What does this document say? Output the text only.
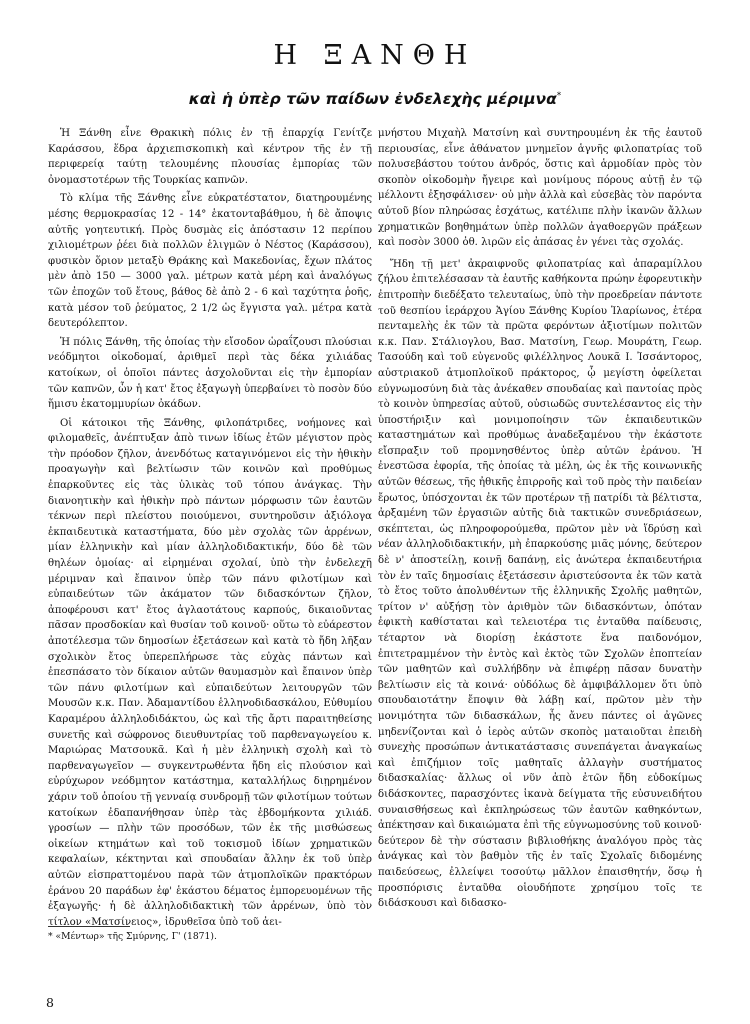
Η ΞΑΝΘΗ
καὶ ἡ ὑπὲρ τῶν παίδων ἐνδελεχὴς μέριμνα*

Ἡ Ξάνθη εἶνε Θρακικὴ πόλις ἐν τῇ ἐπαρχίᾳ Γενίτζε Καράσσου, ἕδρα ἀρχιεπισκοπικὴ καὶ κέντρον τῆς ἐν τῇ περιφερείᾳ ταύτῃ τελουμένης πλουσίας ἐμπορίας τῶν ὀνομαστοτέρων τῆς Τουρκίας καπνῶν.

Τὸ κλίμα τῆς Ξάνθης εἶνε εὐκρατέστατον, διατηρουμένης μέσης θερμοκρασίας 12 - 14° ἑκατονταβάθμου, ἡ δὲ ἄποψις αὐτῆς γοητευτική. Πρὸς δυσμὰς εἰς ἀπόστασιν 12 περίπου χιλιομέτρων ῥέει διὰ πολλῶν ἑλιγμῶν ὁ Νέστος (Καράσσου), φυσικὸν ὅριον μεταξὺ Θράκης καὶ Μακεδονίας, ἔχων πλάτος μὲν ἀπὸ 150 — 3000 γαλ. μέτρων κατὰ μέρη καὶ ἀναλόγως τῶν ἐποχῶν τοῦ ἔτους, βάθος δὲ ἀπὸ 2 - 6 καὶ ταχύτητα ῥοῆς, κατὰ μέσον τοῦ ῥεύματος, 2 1/2 ὡς ἔγγιστα γαλ. μέτρα κατὰ δευτερόλεπτον.

Ἡ πόλις Ξάνθη, τῆς ὁποίας τὴν εἴσοδον ὡραΐζουσι πλούσιαι νεόδμητοι οἰκοδομαί, ἀριθμεῖ περὶ τὰς δέκα χιλιάδας κατοίκων, οἱ ὁποῖοι πάντες ἀσχολοῦνται εἰς τὴν ἐμπορίαν τῶν καπνῶν, ὧν ἡ κατ' ἔτος ἐξαγωγὴ ὑπερβαίνει τὸ ποσὸν δύο ἥμισυ ἑκατομμυρίων ὀκάδων.

Οἱ κάτοικοι τῆς Ξάνθης, φιλοπάτριδες, νοήμονες καὶ φιλομαθεῖς, ἀνέπτυξαν ἀπὸ τινων ἰδίως ἐτῶν μέγιστον πρὸς τὴν πρόοδον ζῆλον, ἀνενδότως καταγινόμενοι εἰς τὴν ἠθικὴν προαγωγὴν καὶ βελτίωσιν τῶν κοινῶν καὶ προθύμως ἐπαρκοῦντες εἰς τὰς ὑλικὰς τοῦ τόπου ἀνάγκας. Τὴν διανοητικὴν καὶ ἠθικὴν πρὸ πάντων μόρφωσιν τῶν ἑαυτῶν τέκνων περὶ πλείστου ποιούμενοι, συντηροῦσιν ἀξιόλογα ἐκπαιδευτικὰ καταστήματα, δύο μὲν σχολὰς τῶν ἀρρένων, μίαν ἑλληνικὴν καὶ μίαν ἀλληλοδιδακτικήν, δύο δὲ τῶν θηλέων ὁμοίας· αἱ εἰρημέναι σχολαί, ὑπὸ τὴν ἐνδελεχῆ μέριμναν καὶ ἔπαινον ὑπὲρ τῶν πάνυ φιλοτίμων καὶ εὐπαιδεύτων τῶν ἀκάματον τῶν διδασκόντων ζῆλον, ἀποφέρουσι κατ' ἔτος ἀγλαοτάτους καρπούς, δικαιοῦντας πᾶσαν προσδοκίαν καὶ θυσίαν τοῦ κοινοῦ· οὕτω τὸ εὐάρεστον ἀποτέλεσμα τῶν δημοσίων ἐξετάσεων καὶ κατὰ τὸ ἤδη λῆξαν σχολικὸν ἔτος ὑπερεπλήρωσε τὰς εὐχὰς πάντων καὶ ἐπεσπάσατο τὸν δίκαιον αὐτῶν θαυμασμὸν καὶ ἔπαινον ὑπὲρ τῶν πάνυ φιλοτίμων καὶ εὐπαιδεύτων λειτουργῶν τῶν Μουσῶν κ.κ. Παν. Ἀδαμαντίδου ἑλληνοδιδασκάλου, Εὐθυμίου Καραμέρου ἀλληλοδιδάκτου, ὡς καὶ τῆς ἄρτι παραιτηθείσης συνετῆς καὶ σώφρονος διευθυντρίας τοῦ παρθεναγωγείου κ. Μαριώρας Ματσουκᾶ. Καὶ ἡ μὲν ἑλληνικὴ σχολὴ καὶ τὸ παρθεναγωγεῖον — συγκεντρωθέντα ἤδη εἰς πλούσιον καὶ εὐρύχωρον νεόδμητον κατάστημα, καταλλήλως διῃρημένον χάριν τοῦ ὁποίου τῇ γενναίᾳ συνδρομῇ τῶν φιλοτίμων τούτων κατοίκων ἐδαπανήθησαν ὑπὲρ τὰς ἑβδομήκοντα χιλιάδ. γροσίων — πλὴν τῶν προσόδων, τῶν ἐκ τῆς μισθώσεως οἰκείων κτημάτων καὶ τοῦ τοκισμοῦ ἰδίων χρηματικῶν κεφαλαίων, κέκτηνται καὶ σπουδαίαν ἄλλην ἐκ τοῦ ὑπὲρ αὐτῶν εἰσπραττομένου παρὰ τῶν ἀτμοπλοϊκῶν πρακτόρων ἐράνου 20 παράδων ἐφ' ἑκάστου δέματος ἐμπορευομένων τῆς ἐξαγωγῆς· ἡ δὲ ἀλληλοδιδακτικὴ τῶν ἀρρένων, ὑπὸ τὸν τίτλον «Ματσίνειος», ἱδρυθεῖσα ὑπὸ τοῦ ἀει-

μνήστου Μιχαὴλ Ματσίνη καὶ συντηρουμένη ἐκ τῆς ἑαυτοῦ περιουσίας, εἶνε ἀθάνατον μνημεῖον ἁγνῆς φιλοπατρίας τοῦ πολυσεβάστου τούτου ἀνδρός, ὅστις καὶ ἁρμοδίαν πρὸς τὸν σκοπὸν οἰκοδομὴν ἤγειρε καὶ μονίμους πόρους αὐτῇ ἐν τῷ μέλλοντι ἐξησφάλισεν· οὐ μὴν ἀλλὰ καὶ εὐσεβὰς τὸν παρόντα αὐτοῦ βίον πληρώσας ἐσχάτως, κατέλιπε πλὴν ἱκανῶν ἄλλων χρηματικῶν βοηθημάτων ὑπὲρ πολλῶν ἀγαθοεργῶν πράξεων καὶ ποσὸν 3000 ὀθ. λιρῶν εἰς ἀπάσας ἐν γένει τὰς σχολάς.

Ἤδη τῇ μετ' ἀκραιφνοῦς φιλοπατρίας καὶ ἀπαραμίλλου ζήλου ἐπιτελέσασαν τὰ ἑαυτῆς καθήκοντα πρώην ἐφορευτικὴν ἐπιτροπὴν διεδέξατο τελευταίως, ὑπὸ τὴν προεδρείαν πάντοτε τοῦ θεσπίου ἱεράρχου Ἁγίου Ξάνθης Κυρίου Ἱλαρίωνος, ἑτέρα πενταμελὴς ἐκ τῶν τὰ πρῶτα φερόντων ἀξιοτίμων πολιτῶν κ.κ. Παν. Στάλιογλου, Βασ. Ματσίνη, Γεωρ. Μουράτη, Γεωρ. Τασούδη καὶ τοῦ εὐγενοῦς φιλέλληνος Λουκᾶ Ι. Ἰσσάντορος, αὐστριακοῦ ἀτμοπλοϊκοῦ πράκτορος, ᾧ μεγίστη ὀφείλεται εὐγνωμοσύνη διὰ τὰς ἀνέκαθεν σπουδαίας καὶ παντοίας πρὸς τὸ κοινὸν ὑπηρεσίας αὐτοῦ, οὐσιωδῶς συντελέσαντος εἰς τὴν ὑποστήριξιν καὶ μονιμοποίησιν τῶν ἐκπαιδευτικῶν καταστημάτων καὶ προθύμως ἀναδεξαμένου τὴν ἐκάστοτε εἴσπραξιν τοῦ προμνησθέντος ὑπὲρ αὐτῶν ἐράνου. Ἡ ἐνεστῶσα ἐφορία, τῆς ὁποίας τὰ μέλη, ὡς ἐκ τῆς κοινωνικῆς αὐτῶν θέσεως, τῆς ἠθικῆς ἐπιρροῆς καὶ τοῦ πρὸς τὴν παιδείαν ἔρωτος, ὑπόσχονται ἐκ τῶν προτέρων τῇ πατρίδι τὰ βέλτιστα, ἀρξαμένη τῶν ἐργασιῶν αὐτῆς διὰ τακτικῶν συνεδριάσεων, σκέπτεται, ὡς πληροφορούμεθα, πρῶτον μὲν νὰ ἵδρύσῃ καὶ νέαν ἀλληλοδιδακτικήν, μὴ ἐπαρκούσης μιᾶς μόνης, δεύτερον δὲ ν' ἀποστείλῃ, κοινῇ δαπάνῃ, εἰς ἀνώτερα ἐκπαιδευτήρια τὸν ἐν ταῖς δημοσίαις ἐξετάσεσιν ἀριστεύσοντα ἐκ τῶν κατὰ τὸ ἔτος τοῦτο ἀπολυθέντων τῆς ἑλληνικῆς Σχολῆς μαθητῶν, τρίτον ν' αὐξήσῃ τὸν ἀριθμὸν τῶν διδασκόντων, ὁπόταν ἐφικτὴ καθίσταται καὶ τελειοτέρα τις ἐνταῦθα παίδευσις, τέταρτον νὰ διορίσῃ ἐκάστοτε ἕνα παιδονόμον, ἐπιτετραμμένον τὴν ἐντὸς καὶ ἐκτὸς τῶν Σχολῶν ἐποπτείαν τῶν μαθητῶν καὶ συλλήβδην νὰ ἐπιφέρῃ πᾶσαν δυνατὴν βελτίωσιν εἰς τὰ κοινά· οὐδόλως δὲ ἀμφιβάλλομεν ὅτι ὑπὸ σπουδαιοτάτην ἔποψιν θὰ λάβῃ καί, πρῶτον μὲν τὴν μονιμότητα τῶν διδασκάλων, ἧς ἄνευ πάντες οἱ ἀγῶνες μηδενίζονται καὶ ὁ ἱερὸς αὐτῶν σκοπὸς ματαιοῦται ἐπειδὴ συνεχὴς προσώπων ἀντικατάστασις συνεπάγεται ἀναγκαίως καὶ ἐπιζήμιον τοῖς μαθηταῖς ἀλλαγὴν συστήματος διδασκαλίας· ἄλλως οἱ νῦν ἀπὸ ἐτῶν ἤδη εὐδοκίμως διδάσκοντες, παρασχόντες ἱκανὰ δείγματα τῆς εὐσυνειδήτου συναισθήσεως καὶ ἐκπληρώσεως τῶν ἑαυτῶν καθηκόντων, ἀπέκτησαν καὶ δικαιώματα ἐπὶ τῆς εὐγνωμοσύνης τοῦ κοινοῦ· δεύτερον δὲ τὴν σύστασιν βιβλιοθήκης ἀναλόγου πρὸς τὰς ἀνάγκας καὶ τὸν βαθμὸν τῆς ἐν ταῖς Σχολαῖς διδομένης παιδεύσεως, ἐλλείψει τοσούτῳ μᾶλλον ἐπαισθητήν, ὅσῳ ἡ προσπόρισις ἐνταῦθα οἱουδήποτε χρησίμου τοῖς τε διδάσκουσι καὶ διδασκο-

* «Μέντωρ» τῆς Σμύρνης, Γ' (1871).

8
